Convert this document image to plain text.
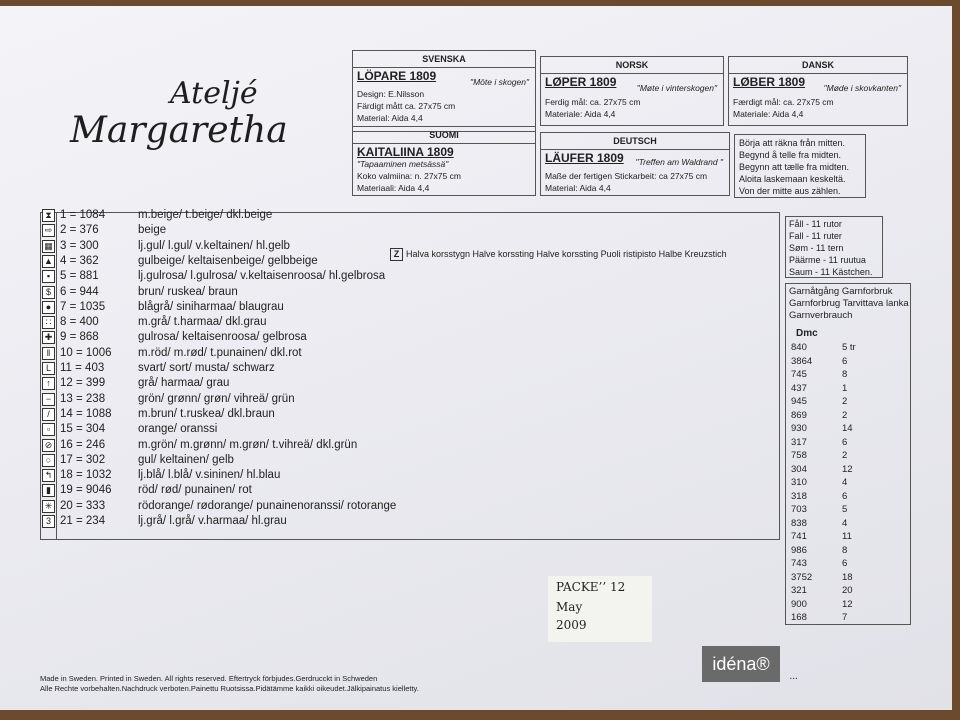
Ateljé
Margaretha
SVENSKA
LÖPARE 1809	"Möte i skogen"
Design: E.Nilsson
Färdigt mått ca. 27x75 cm
Material: Aida 4,4
NORSK
LØPER 1809 "Møte i vinterskogen"
Ferdig mål: ca. 27x75 cm
Materiale: Aida 4,4
DANSK
LØBER 1809 "Møde i skovkanten"
Færdigt mål: ca. 27x75 cm
Materiale: Aida 4,4
SUOMI
KAITALIINA 1809
"Tapaaminen metsässä"
Koko valmiina: n. 27x75 cm
Materiaali: Aida 4,4
DEUTSCH
LÄUFER 1809 "Treffen am Waldrand "
Maße der fertigen Stickarbeit: ca 27x75 cm
Material: Aida 4,4
Börja att räkna från mitten.
Begynd å telle fra midten.
Begynn att tælle fra midten.
Aloita laskemaan keskeltä.
Von der mitte aus zählen.
⧗ 1 = 1084	m.beige/ t.beige/ dkl.beige
⇨ 2 = 376	beige
▦ 3 = 300	lj.gul/ l.gul/ v.keltainen/ hl.gelb
▲ 4 = 362	gulbeige/ keltaisenbeige/ gelbbeige
▪ 5 = 881	lj.gulrosa/ l.gulrosa/ v.keltaisenroosa/ hl.gelbrosa
$ 6 = 944	brun/ ruskea/ braun
● 7 = 1035	blågrå/ siniharmaa/ blaugrau
∷ 8 = 400	m.grå/ t.harmaa/ dkl.grau
✚ 9 = 868	gulrosa/ keltaisenroosa/ gelbrosa
‖ 10 = 1006 m.röd/ m.rød/ t.punainen/ dkl.rot
L 11 = 403	svart/ sort/ musta/ schwarz
↑ 12 = 399	grå/ harmaa/ grau
− 13 = 238	grön/ grønn/ grøn/ vihreä/ grün
/ 14 = 1088 m.brun/ t.ruskea/ dkl.braun
▫ 15 = 304	orange/ oranssi
⊘ 16 = 246	m.grön/ m.grønn/ m.grøn/ t.vihreä/ dkl.grün
○ 17 = 302	gul/ keltainen/ gelb
↰ 18 = 1032 lj.blå/ l.blå/ v.sininen/ hl.blau
▮ 19 = 9046 röd/ rød/ punainen/ rot
✳ 20 = 333	rödorange/ rødorange/ punainenoranssi/ rotorange
3 21 = 234	lj.grå/ l.grå/ v.harmaa/ hl.grau
Z Halva korsstygn Halve korssting Halve korssting Puoli ristipisto Halbe Kreuzstich
Fåll - 11 rutor
Fall - 11 ruter
Søm - 11 tern
Päärme - 11 ruutua
Saum - 11 Kästchen.
Garnåtgång Garnforbruk
Garnforbrug Tarvittava lanka
Garnverbrauch
Dmc
840	5 tr
3864	6
745	8
437	1
945	2
869	2
930	14
317	6
758	2
304	12
310	4
318	6
703	5
838	4
741	11
986	8
743	6
3752	18
321	20
900	12
168	7
PACKE’’ 12
May
2009
Made in Sweden. Printed in Sweden. All rights reserved. Eftertryck förbjudes.Gerdrucckt in Schweden
Alle Rechte vorbehalten.Nachdruck verboten.Painettu Ruotsissa.Pidätämme kaikki oikeudet.Jälkipainatus kielletty.
idéna®
• • •
